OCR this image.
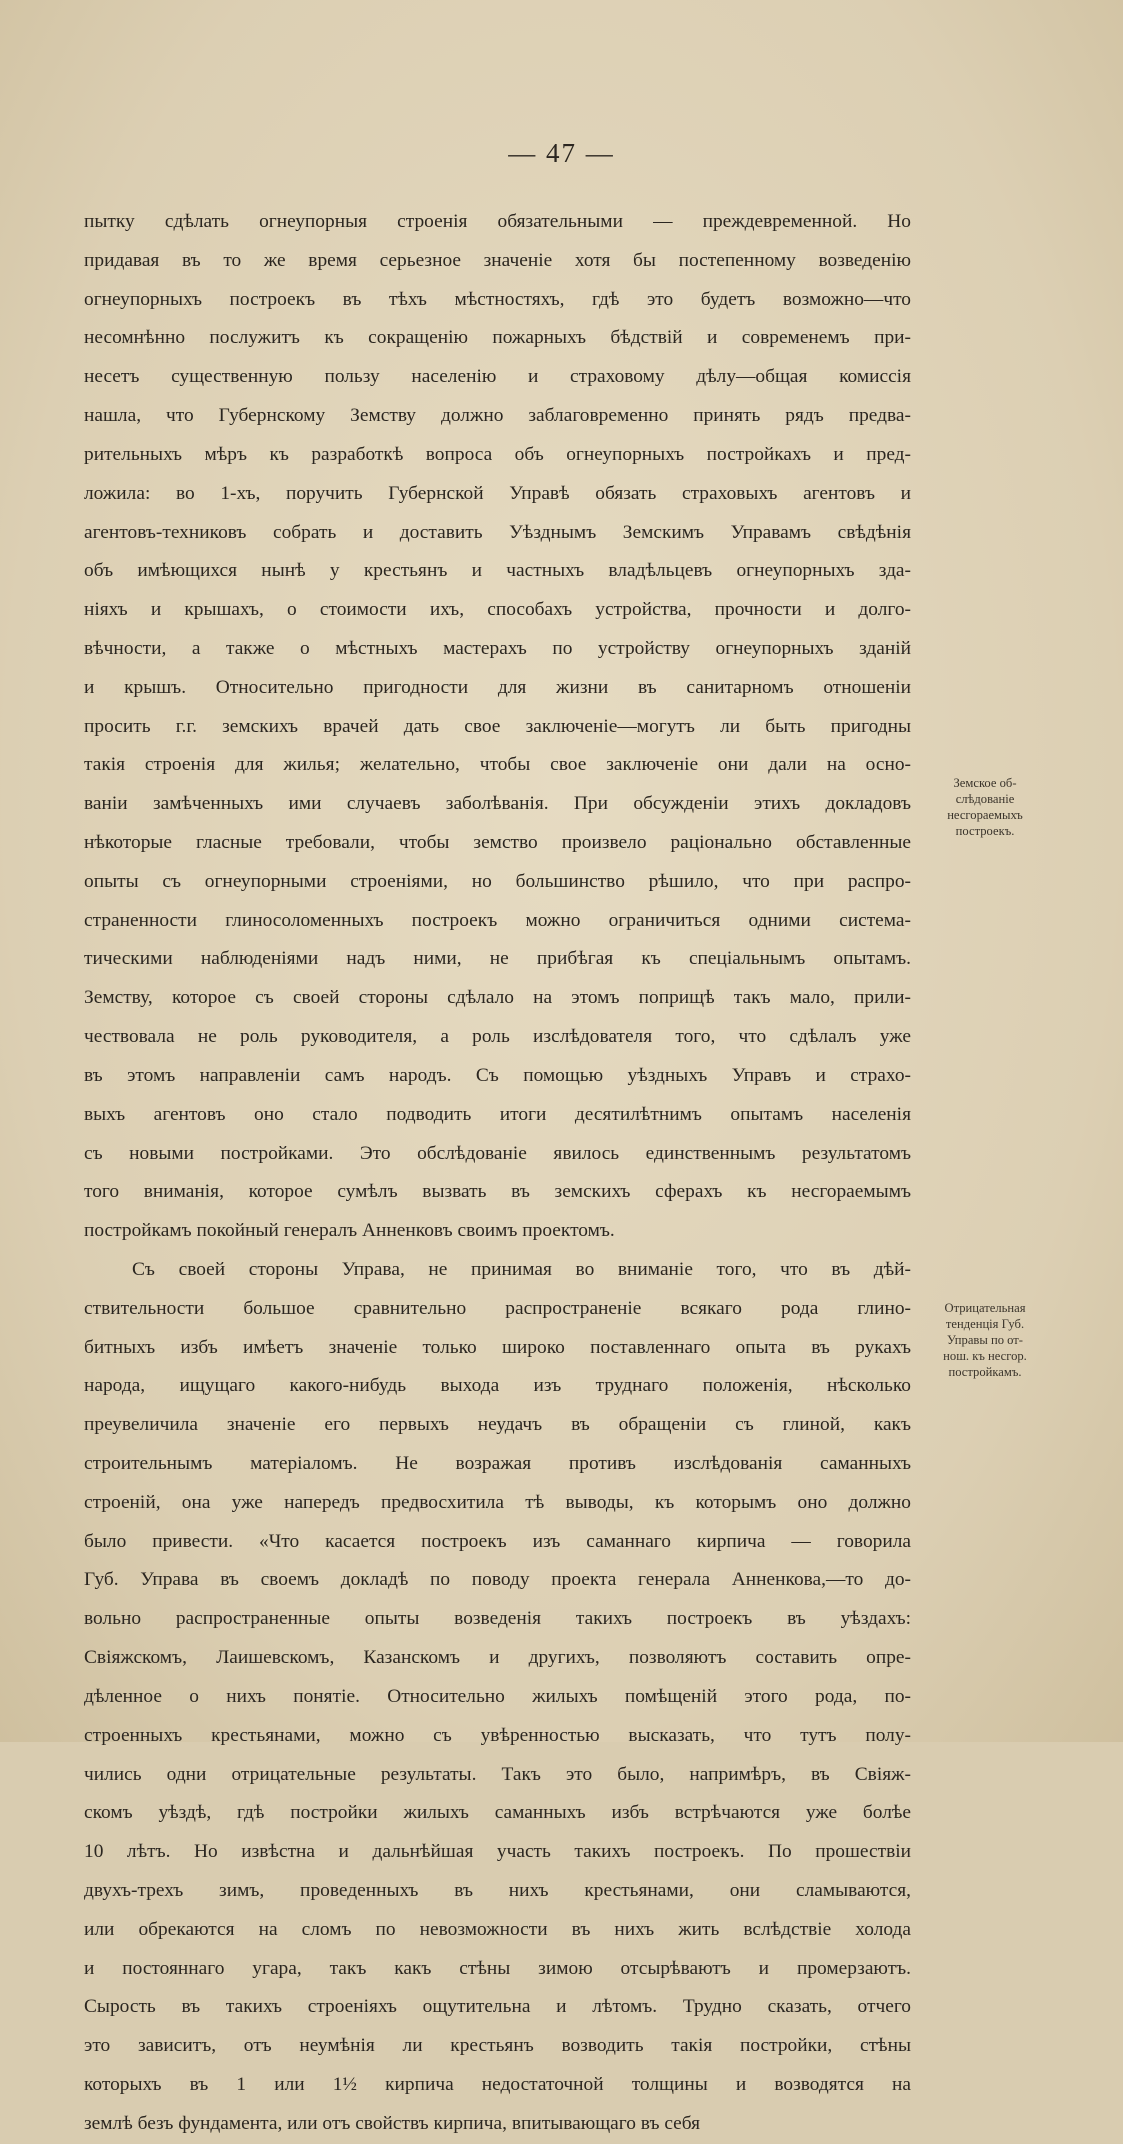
— 47 —
пытку сдѣлать огнеупорныя строенія обязательными — преждевременной. Но
придавая въ то же время серьезное значеніе хотя бы постепенному возведенію
огнеупорныхъ построекъ въ тѣхъ мѣстностяхъ, гдѣ это будетъ возможно—что
несомнѣнно послужитъ къ сокращенію пожарныхъ бѣдствій и современемъ при-
несетъ существенную пользу населенію и страховому дѣлу—общая комиссія
нашла, что Губернскому Земству должно заблаговременно принять рядъ предва-
рительныхъ мѣръ къ разработкѣ вопроса объ огнеупорныхъ постройкахъ и пред-
ложила: во 1-хъ, поручить Губернской Управѣ обязать страховыхъ агентовъ и
агентовъ-техниковъ собрать и доставить Уѣзднымъ Земскимъ Управамъ свѣдѣнія
объ имѣющихся нынѣ у крестьянъ и частныхъ владѣльцевъ огнеупорныхъ зда-
ніяхъ и крышахъ, о стоимости ихъ, способахъ устройства, прочности и долго-
вѣчности, а также о мѣстныхъ мастерахъ по устройству огнеупорныхъ зданій
и крышъ. Относительно пригодности для жизни въ санитарномъ отношеніи
просить г.г. земскихъ врачей дать свое заключеніе—могутъ ли быть пригодны
такія строенія для жилья; желательно, чтобы свое заключеніе они дали на осно-
ваніи замѣченныхъ ими случаевъ заболѣванія. При обсужденіи этихъ докладовъ
нѣкоторые гласные требовали, чтобы земство произвело раціонально обставленные
опыты съ огнеупорными строеніями, но большинство рѣшило, что при распро-
страненности глиносоломенныхъ построекъ можно ограничиться одними система-
тическими наблюденіями надъ ними, не прибѣгая къ спеціальнымъ опытамъ.
Земству, которое съ своей стороны сдѣлало на этомъ поприщѣ такъ мало, прили-
чествовала не роль руководителя, а роль изслѣдователя того, что сдѣлалъ уже
въ этомъ направленіи самъ народъ. Съ помощью уѣздныхъ Управъ и страхо-
выхъ агентовъ оно стало подводить итоги десятилѣтнимъ опытамъ населенія
съ новыми постройками. Это обслѣдованіе явилось единственнымъ результатомъ
того вниманія, которое сумѣлъ вызвать въ земскихъ сферахъ къ несгораемымъ
постройкамъ покойный генералъ Анненковъ своимъ проектомъ.
Съ своей стороны Управа, не принимая во вниманіе того, что въ дѣй-
ствительности большое сравнительно распространеніе всякаго рода глино-
битныхъ избъ имѣетъ значеніе только широко поставленнаго опыта въ рукахъ
народа, ищущаго какого-нибудь выхода изъ труднаго положенія, нѣсколько
преувеличила значеніе его первыхъ неудачъ въ обращеніи съ глиной, какъ
строительнымъ матеріаломъ. Не возражая противъ изслѣдованія саманныхъ
строеній, она уже напередъ предвосхитила тѣ выводы, къ которымъ оно должно
было привести. «Что касается построекъ изъ саманнаго кирпича — говорила
Губ. Управа въ своемъ докладѣ по поводу проекта генерала Анненкова,—то до-
вольно распространенные опыты возведенія такихъ построекъ въ уѣздахъ:
Свіяжскомъ, Лаишевскомъ, Казанскомъ и другихъ, позволяютъ составить опре-
дѣленное о нихъ понятіе. Относительно жилыхъ помѣщеній этого рода, по-
строенныхъ крестьянами, можно съ увѣренностью высказать, что тутъ полу-
чились одни отрицательные результаты. Такъ это было, напримѣръ, въ Свіяж-
скомъ уѣздѣ, гдѣ постройки жилыхъ саманныхъ избъ встрѣчаются уже болѣе
10 лѣтъ. Но извѣстна и дальнѣйшая участь такихъ построекъ. По прошествіи
двухъ-трехъ зимъ, проведенныхъ въ нихъ крестьянами, они сламываются,
или обрекаются на сломъ по невозможности въ нихъ жить вслѣдствіе холода
и постояннаго угара, такъ какъ стѣны зимою отсырѣваютъ и промерзаютъ.
Сырость въ такихъ строеніяхъ ощутительна и лѣтомъ. Трудно сказать, отчего
это зависитъ, отъ неумѣнія ли крестьянъ возводить такія постройки, стѣны
которыхъ въ 1 или 1½ кирпича недостаточной толщины и возводятся на
землѣ безъ фундамента, или отъ свойствъ кирпича, впитывающаго въ себя
Земское об-
слѣдованіе
несгораемыхъ
построекъ.
Отрицательная
тенденція Губ.
Управы по от-
нош. къ несгор.
постройкамъ.
